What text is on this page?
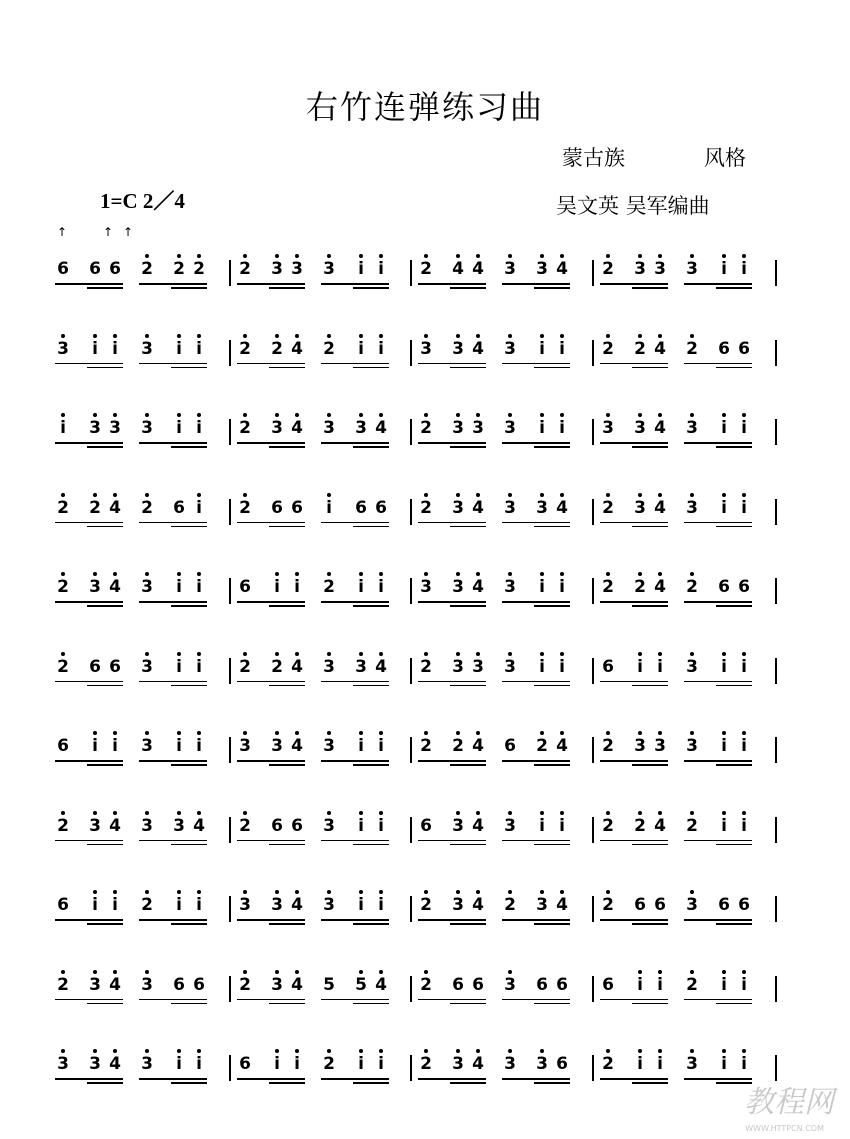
右竹连弹练习曲
蒙古族	风格
1=C 2／4	吴文英 吴军编曲
6 6 6 2 2 2 2 3 3 3 i i 2 4 4 3 3 4 2 3 3 3 i i
↑	↑ ↑
3 i i 3 i i 2 2 4 2 i i 3 3 4 3 i i 2 2 4 2 6 6
i 3 3 3 i i 2 3 4 3 3 4 2 3 3 3 i i 3 3 4 3 i i
2 2 4 2 6 i 2 6 6 i 6 6 2 3 4 3 3 4 2 3 4 3 i i
2 3 4 3 i i 6 i i 2 i i 3 3 4 3 i i 2 2 4 2 6 6
2 6 6 3 i i 2 2 4 3 3 4 2 3 3 3 i i 6 i i 3 i i
6 i i 3 i i 3 3 4 3 i i 2 2 4 6 2 4 2 3 3 3 i i
2 3 4 3 3 4 2 6 6 3 i i 6 3 4 3 i i 2 2 4 2 i i
6 i i 2 i i 3 3 4 3 i i 2 3 4 2 3 4 2 6 6 3 6 6
2 3 4 3 6 6 2 3 4 5 5 4 2 6 6 3 6 6 6 i i 2 i i
3 3 4 3 i i 6 i i 2 i i 2 3 4 3 3 6 2 i i 3 i i
教程网
WWW.HTTPCN.COM
